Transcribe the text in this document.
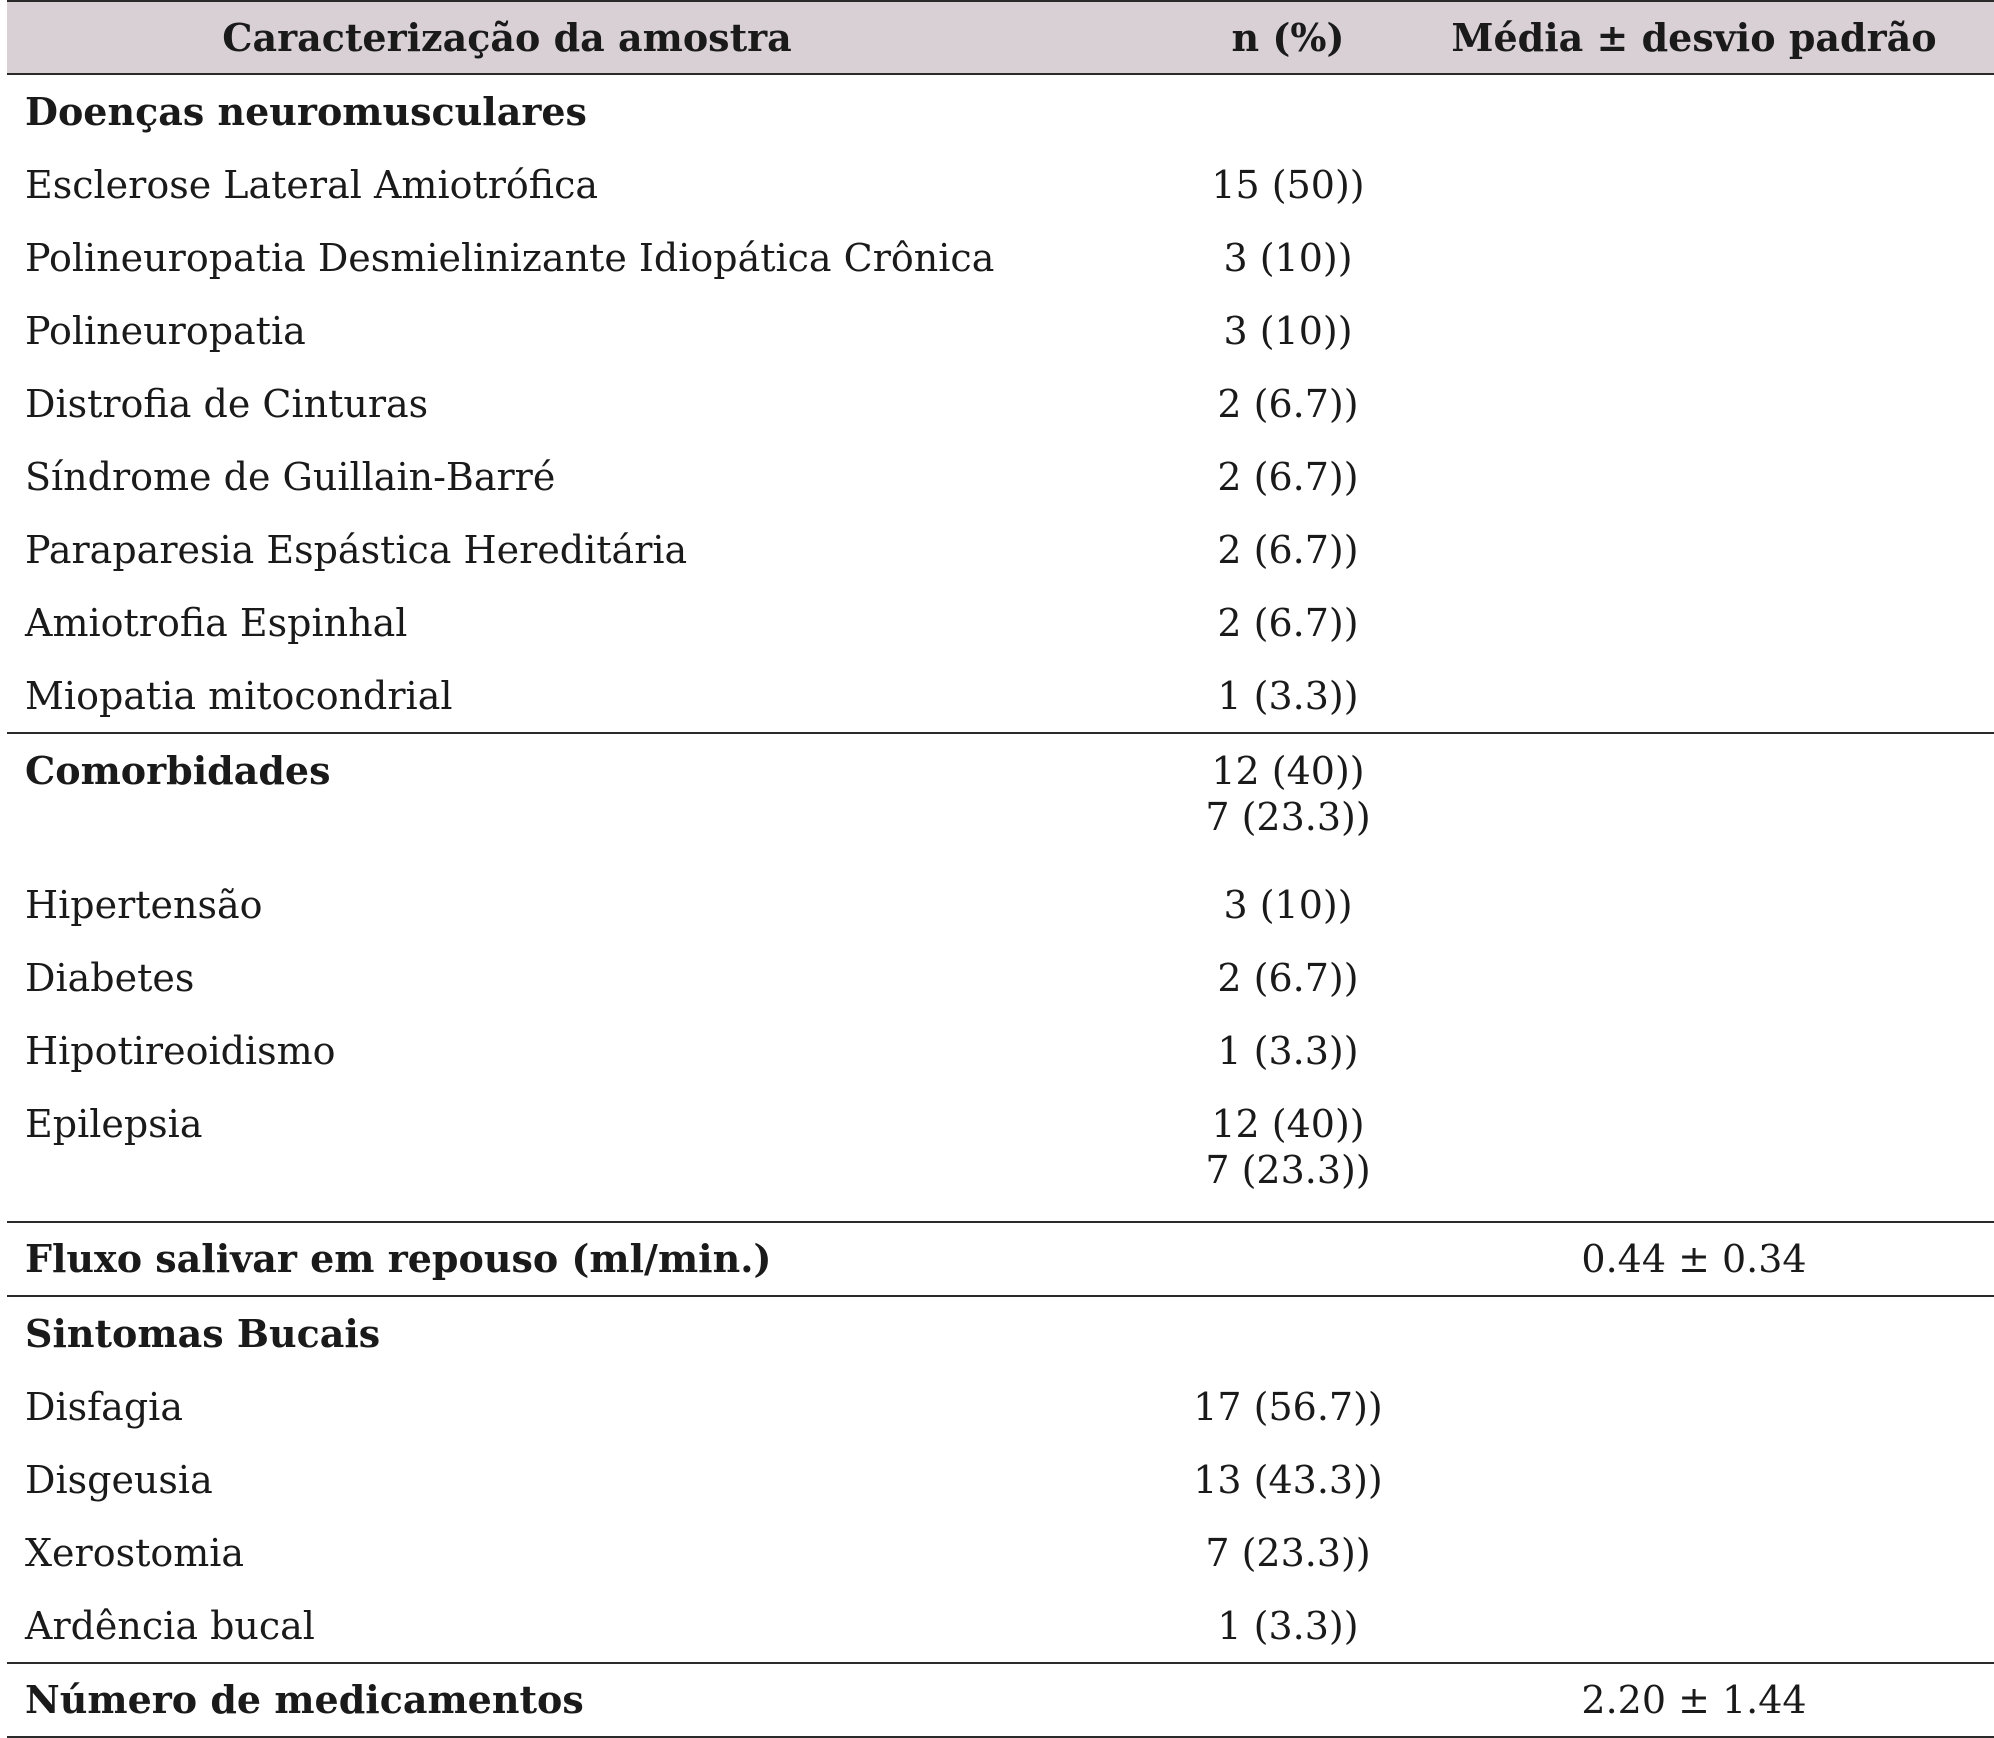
Caracterização da amostra	n (%)	Média ± desvio padrão
Doenças neuromusculares		
Esclerose Lateral Amiotrófica	15 (50))	
Polineuropatia Desmielinizante Idiopática Crônica	3 (10))	
Polineuropatia	3 (10))	
Distrofia de Cinturas	2 (6.7))	
Síndrome de Guillain-Barré	2 (6.7))	
Paraparesia Espástica Hereditária	2 (6.7))	
Amiotrofia Espinhal	2 (6.7))	
Miopatia mitocondrial	1 (3.3))	
Comorbidades	12 (40))
7 (23.3))	

Hipertensão	3 (10))	
Diabetes	2 (6.7))	
Hipotireoidismo	1 (3.3))	
Epilepsia	12 (40))
7 (23.3))	

Fluxo salivar em repouso (ml/min.)		0.44 ± 0.34
Sintomas Bucais		
Disfagia	17 (56.7))	
Disgeusia	13 (43.3))	
Xerostomia	7 (23.3))	
Ardência bucal	1 (3.3))	
Número de medicamentos		2.20 ± 1.44
